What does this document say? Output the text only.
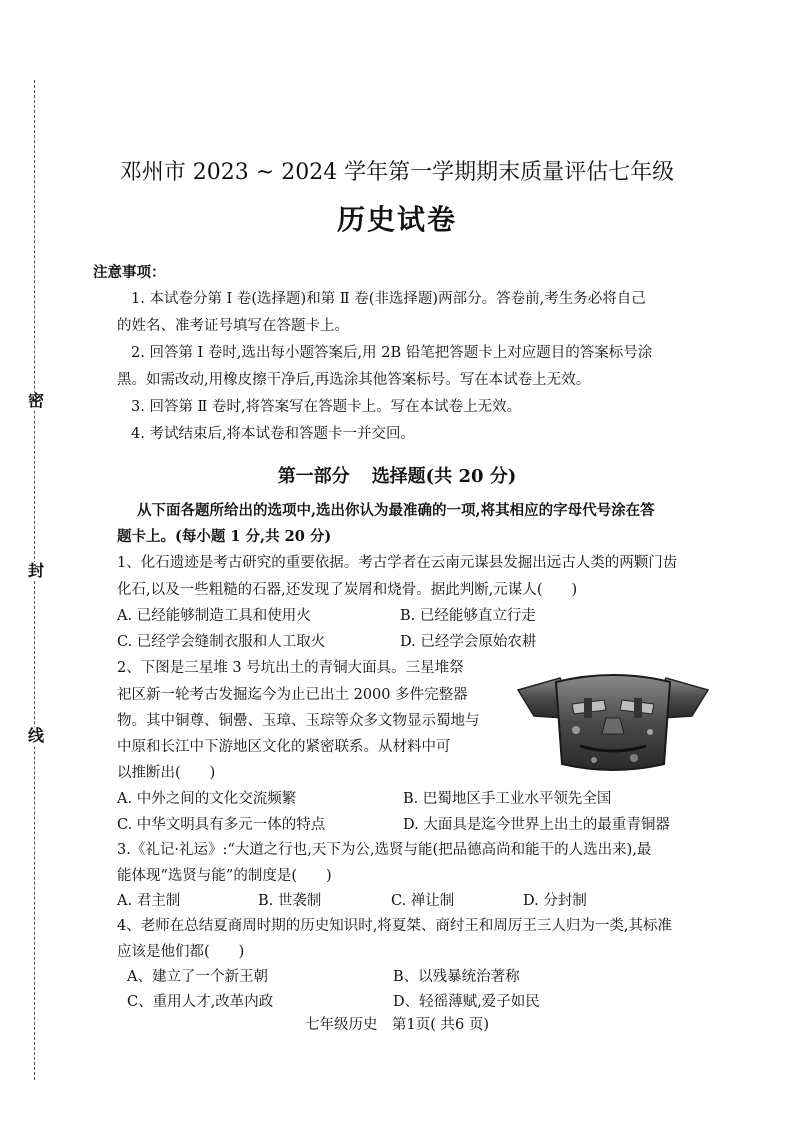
密
封
线
邓州市 2023 ~ 2024 学年第一学期期末质量评估七年级
历史试卷
注意事项：
1. 本试卷分第 Ⅰ 卷(选择题)和第 Ⅱ 卷(非选择题)两部分。答卷前,考生务必将自己
的姓名、准考证号填写在答题卡上。
2. 回答第 Ⅰ 卷时,选出每小题答案后,用 2B 铅笔把答题卡上对应题目的答案标号涂
黑。如需改动,用橡皮擦干净后,再选涂其他答案标号。写在本试卷上无效。
3. 回答第 Ⅱ 卷时,将答案写在答题卡上。写在本试卷上无效。
4. 考试结束后,将本试卷和答题卡一并交回。
第一部分 选择题(共 20 分)
从下面各题所给出的选项中,选出你认为最准确的一项,将其相应的字母代号涂在答
题卡上。(每小题 1 分,共 20 分)
1、化石遗迹是考古研究的重要依据。考古学者在云南元谋县发掘出远古人类的两颗门齿
化石,以及一些粗糙的石器,还发现了炭屑和烧骨。据此判断,元谋人(　　)
A. 已经能够制造工具和使用火	B. 已经能够直立行走
C. 已经学会缝制衣服和人工取火	D. 已经学会原始农耕
2、下图是三星堆 3 号坑出土的青铜大面具。三星堆祭
祀区新一轮考古发掘迄今为止已出土 2000 多件完整器
物。其中铜尊、铜罍、玉璋、玉琮等众多文物显示蜀地与
中原和长江中下游地区文化的紧密联系。从材料中可
以推断出(　　)
A. 中外之间的文化交流频繁	B. 巴蜀地区手工业水平领先全国
C. 中华文明具有多元一体的特点	D. 大面具是迄今世界上出土的最重青铜器
3.《礼记·礼运》:“大道之行也,天下为公,选贤与能(把品德高尚和能干的人选出来),最
能体现“选贤与能”的制度是(　　)
A. 君主制	B. 世袭制	C. 禅让制	D. 分封制
4、老师在总结夏商周时期的历史知识时,将夏桀、商纣王和周厉王三人归为一类,其标准
应该是他们都(　　)
A、建立了一个新王朝	B、以残暴统治著称
C、重用人才,改革内政	D、轻徭薄赋,爱子如民
七年级历史　第1页( 共6 页)
